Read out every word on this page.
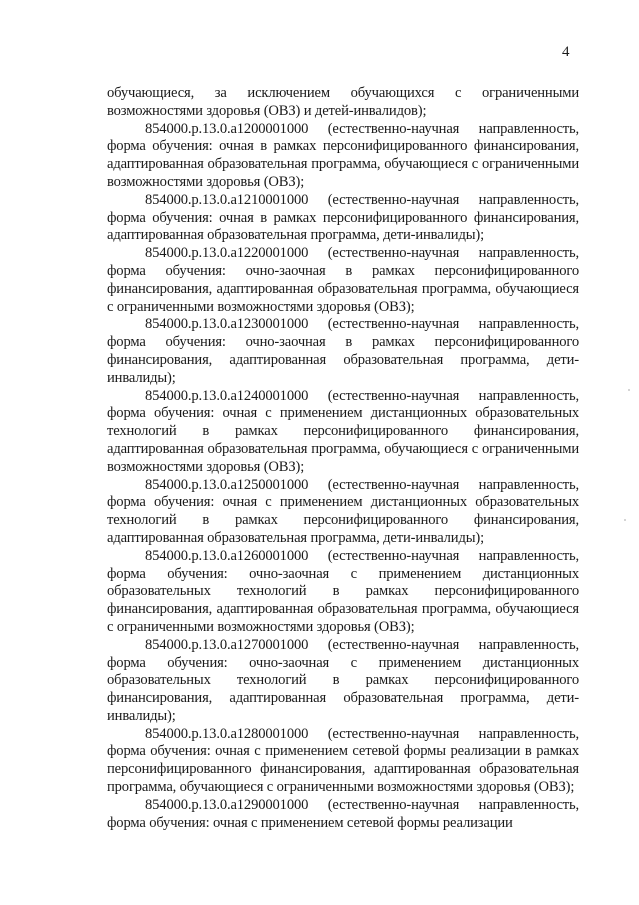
4

обучающиеся, за исключением обучающихся с ограниченными возможностями здоровья (ОВЗ) и детей-инвалидов);

854000.р.13.0.а1200001000 (естественно-научная направленность, форма обучения: очная в рамках персонифицированного финансирования, адаптированная образовательная программа, обучающиеся с ограниченными возможностями здоровья (ОВЗ);

854000.р.13.0.а1210001000 (естественно-научная направленность, форма обучения: очная в рамках персонифицированного финансирования, адаптированная образовательная программа, дети-инвалиды);

854000.р.13.0.а1220001000 (естественно-научная направленность, форма обучения: очно-заочная в рамках персонифицированного финансирования, адаптированная образовательная программа, обучающиеся с ограниченными возможностями здоровья (ОВЗ);

854000.р.13.0.а1230001000 (естественно-научная направленность, форма обучения: очно-заочная в рамках персонифицированного финансирования, адаптированная образовательная программа, дети-инвалиды);

854000.р.13.0.а1240001000 (естественно-научная направленность, форма обучения: очная с применением дистанционных образовательных технологий в рамках персонифицированного финансирования, адаптированная образовательная программа, обучающиеся с ограниченными возможностями здоровья (ОВЗ);

854000.р.13.0.а1250001000 (естественно-научная направленность, форма обучения: очная с применением дистанционных образовательных технологий в рамках персонифицированного финансирования, адаптированная образовательная программа, дети-инвалиды);

854000.р.13.0.а1260001000 (естественно-научная направленность, форма обучения: очно-заочная с применением дистанционных образовательных технологий в рамках персонифицированного финансирования, адаптированная образовательная программа, обучающиеся с ограниченными возможностями здоровья (ОВЗ);

854000.р.13.0.а1270001000 (естественно-научная направленность, форма обучения: очно-заочная с применением дистанционных образовательных технологий в рамках персонифицированного финансирования, адаптированная образовательная программа, дети-инвалиды);

854000.р.13.0.а1280001000 (естественно-научная направленность, форма обучения: очная с применением сетевой формы реализации в рамках персонифицированного финансирования, адаптированная образовательная программа, обучающиеся с ограниченными возможностями здоровья (ОВЗ);

854000.р.13.0.а1290001000 (естественно-научная направленность, форма обучения: очная с применением сетевой формы реализации
